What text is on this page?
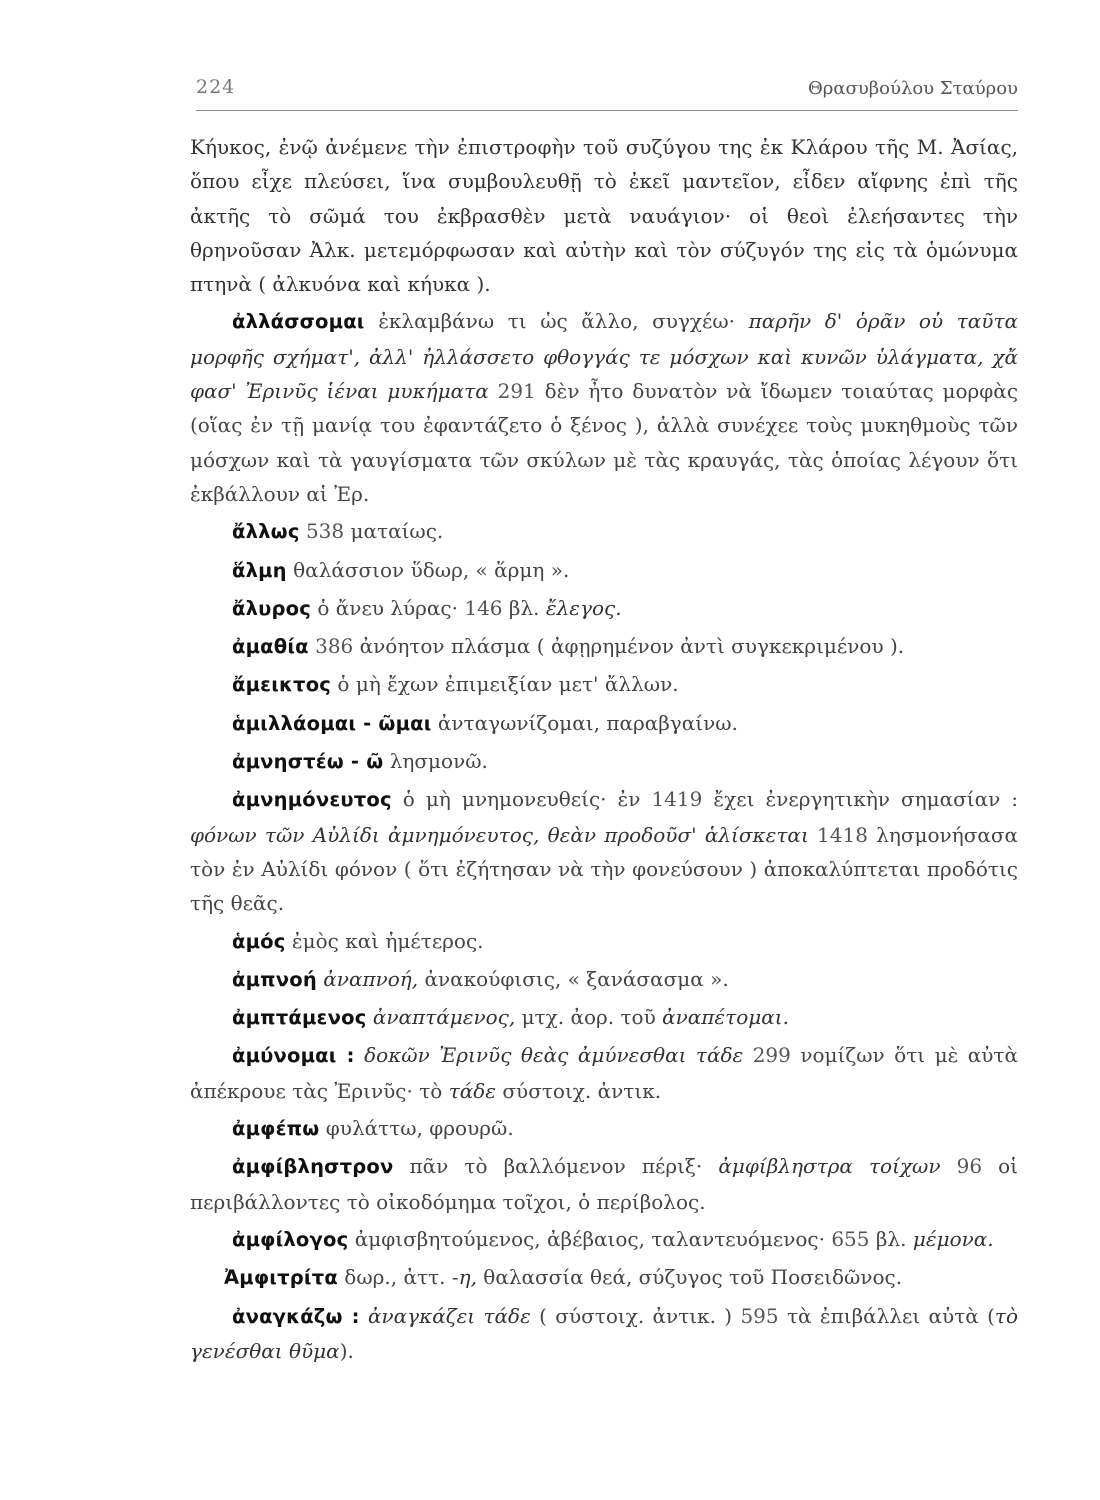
224	Θρασυβούλου Σταύρου

Κήυκος, ἐνῷ ἀνέμενε τὴν ἐπιστροφὴν τοῦ συζύγου της ἐκ Κλάρου τῆς Μ. Ἀσίας, ὅπου εἶχε πλεύσει, ἵνα συμβουλευθῇ τὸ ἐκεῖ μαντεῖον, εἶδεν αἴφνης ἐπὶ τῆς ἀκτῆς τὸ σῶμά του ἐκβρασθὲν μετὰ ναυάγιον· οἱ θεοὶ ἐλεήσαντες τὴν θρηνοῦσαν Ἀλκ. μετεμόρφωσαν καὶ αὐτὴν καὶ τὸν σύζυγόν της εἰς τὰ ὁμώνυμα πτηνὰ ( ἀλκυόνα καὶ κήυκα ).

ἀλλάσσομαι ἐκλαμβάνω τι ὡς ἄλλο, συγχέω· παρῆν δ' ὁρᾶν οὐ ταῦτα μορφῆς σχήματ', ἀλλ' ἠλλάσσετο φθογγάς τε μόσχων καὶ κυνῶν ὑλάγματα, χἄ φασ' Ἐρινῦς ἱέναι μυκήματα 291 δὲν ἦτο δυνατὸν νὰ ἴδωμεν τοιαύτας μορφὰς (οἵας ἐν τῇ μανίᾳ του ἐφαντάζετο ὁ ξένος ), ἀλλὰ συνέχεε τοὺς μυκηθμοὺς τῶν μόσχων καὶ τὰ γαυγίσματα τῶν σκύλων μὲ τὰς κραυγάς, τὰς ὁποίας λέγουν ὅτι ἐκβάλλουν αἱ Ἐρ.

ἄλλως 538 ματαίως.

ἅλμη θαλάσσιον ὕδωρ, « ἅρμη ».

ἄλυρος ὁ ἄνευ λύρας· 146 βλ. ἔλεγος.

ἀμαθία 386 ἀνόητον πλάσμα ( ἀφῃρημένον ἀντὶ συγκεκριμένου ).

ἄμεικτος ὁ μὴ ἔχων ἐπιμειξίαν μετ' ἄλλων.

ἁμιλλάομαι - ῶμαι ἀνταγωνίζομαι, παραβγαίνω.

ἀμνηστέω - ῶ λησμονῶ.

ἀμνημόνευτος ὁ μὴ μνημονευθείς· ἐν 1419 ἔχει ἐνεργητικὴν σημασίαν : φόνων τῶν Αὐλίδι ἀμνημόνευτος, θεὰν προδοῦσ' ἁλίσκεται 1418 λησμονήσασα τὸν ἐν Αὐλίδι φόνον ( ὅτι ἐζήτησαν νὰ τὴν φονεύσουν ) ἀποκαλύπτεται προδότις τῆς θεᾶς.

ἁμός ἐμὸς καὶ ἡμέτερος.

ἀμπνοή ἀναπνοή, ἀνακούφισις, « ξανάσασμα ».

ἀμπτάμενος ἀναπτάμενος, μτχ. ἀορ. τοῦ ἀναπέτομαι.

ἀμύνομαι : δοκῶν Ἐρινῦς θεὰς ἀμύνεσθαι τάδε 299 νομίζων ὅτι μὲ αὐτὰ ἀπέκρουε τὰς Ἐρινῦς· τὸ τάδε σύστοιχ. ἀντικ.

ἀμφέπω φυλάττω, φρουρῶ.

ἀμφίβληστρον πᾶν τὸ βαλλόμενον πέριξ· ἀμφίβληστρα τοίχων 96 οἱ περιβάλλοντες τὸ οἰκοδόμημα τοῖχοι, ὁ περίβολος.

ἀμφίλογος ἀμφισβητούμενος, ἀβέβαιος, ταλαντευόμενος· 655 βλ. μέμονα.

Ἀμφιτρίτα δωρ., ἀττ. -η, θαλασσία θεά, σύζυγος τοῦ Ποσειδῶνος.

ἀναγκάζω : ἀναγκάζει τάδε ( σύστοιχ. ἀντικ. ) 595 τὰ ἐπιβάλλει αὐτὰ (τὸ γενέσθαι θῦμα).
